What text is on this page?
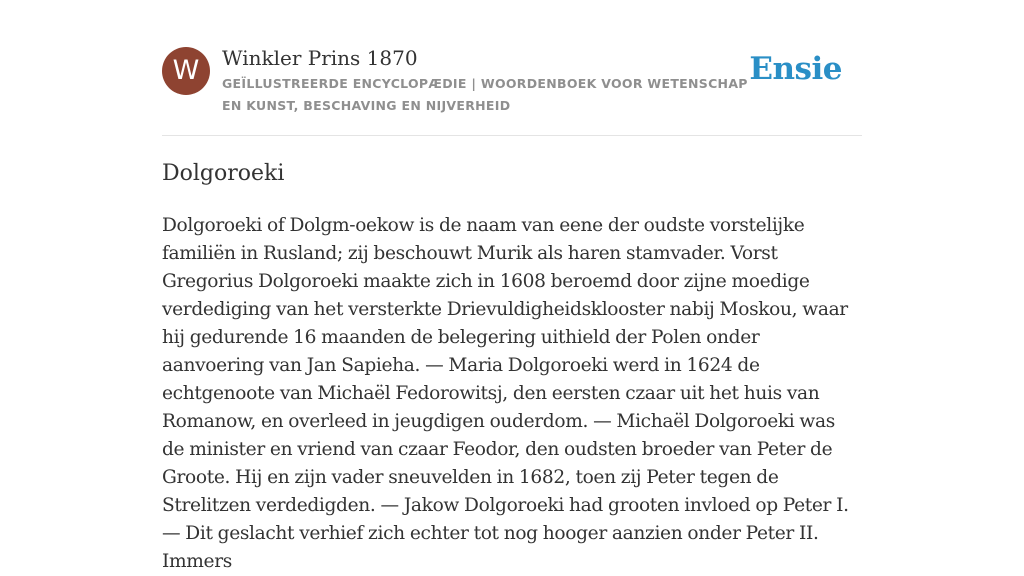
W	Winkler Prins 1870
GEÏLLUSTREERDE ENCYCLOPÆDIE | WOORDENBOEK VOOR WETENSCHAP EN KUNST, BESCHAVING EN NIJVERHEID
Ensie
Dolgoroeki

Dolgoroeki of Dolgm-oekow is de naam van eene der oudste vorstelijke familiën in Rusland; zij beschouwt Murik als haren stamvader. Vorst Gregorius Dolgoroeki maakte zich in 1608 beroemd door zijne moedige verdediging van het versterkte Drievuldigheidsklooster nabij Moskou, waar hij gedurende 16 maanden de belegering uithield der Polen onder aanvoering van Jan Sapieha. — Maria Dolgoroeki werd in 1624 de echtgenoote van Michaël Fedorowitsj, den eersten czaar uit het huis van Romanow, en overleed in jeugdigen ouderdom. — Michaël Dolgoroeki was de minister en vriend van czaar Feodor, den oudsten broeder van Peter de Groote. Hij en zijn vader sneuvelden in 1682, toen zij Peter tegen de Strelitzen verdedigden. — Jakow Dolgoroeki had grooten invloed op Peter I. — Dit geslacht verhief zich echter tot nog hooger aanzien onder Peter II. Immers
